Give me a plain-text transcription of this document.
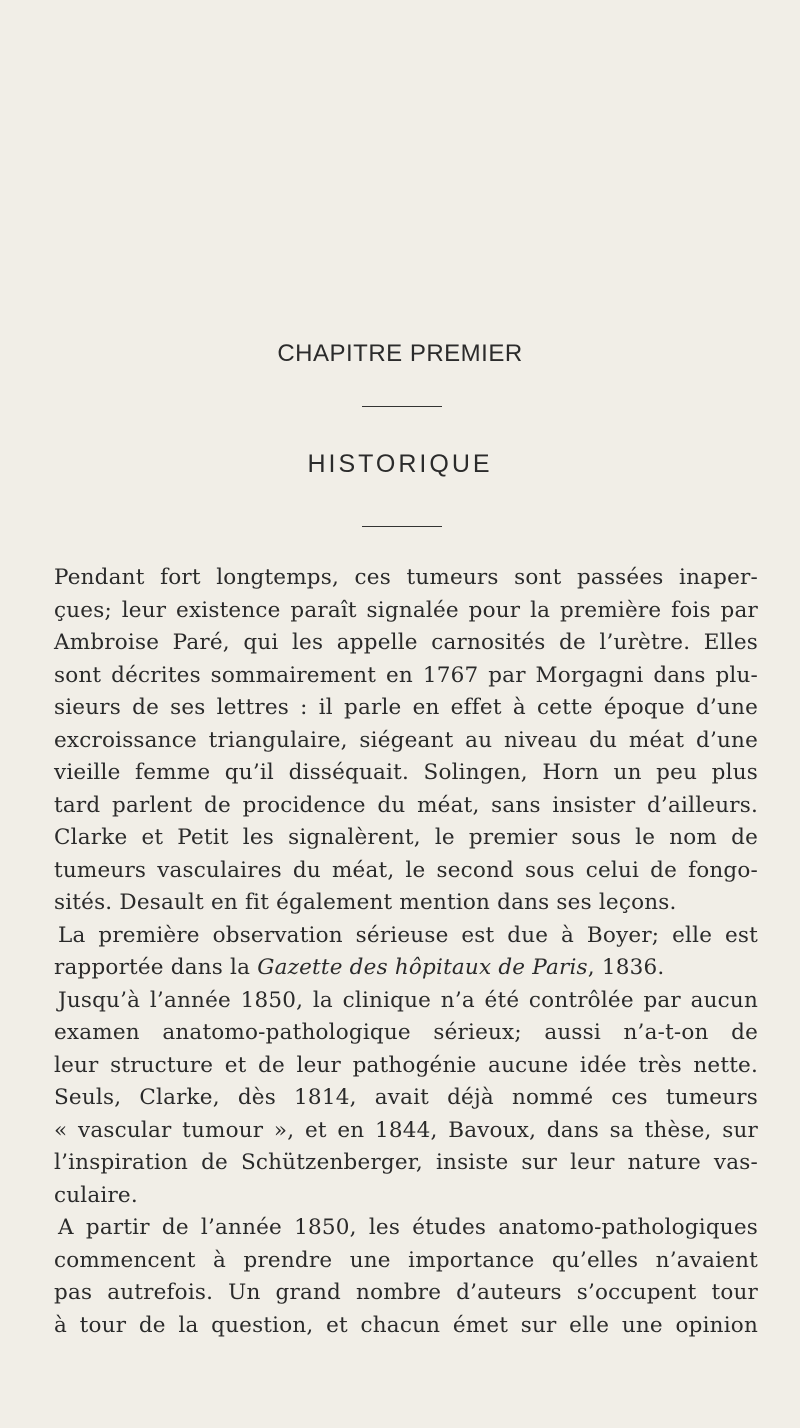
CHAPITRE PREMIER
HISTORIQUE
Pendant fort longtemps, ces tumeurs sont passées inaper-
çues; leur existence paraît signalée pour la première fois par
Ambroise Paré, qui les appelle carnosités de l’urètre. Elles
sont décrites sommairement en 1767 par Morgagni dans plu-
sieurs de ses lettres : il parle en effet à cette époque d’une
excroissance triangulaire, siégeant au niveau du méat d’une
vieille femme qu’il disséquait. Solingen, Horn un peu plus
tard parlent de procidence du méat, sans insister d’ailleurs.
Clarke et Petit les signalèrent, le premier sous le nom de
tumeurs vasculaires du méat, le second sous celui de fongo-
sités. Desault en fit également mention dans ses leçons.
La première observation sérieuse est due à Boyer; elle est
rapportée dans la Gazette des hôpitaux de Paris, 1836.
Jusqu’à l’année 1850, la clinique n’a été contrôlée par aucun
examen anatomo-pathologique sérieux; aussi n’a-t-on de
leur structure et de leur pathogénie aucune idée très nette.
Seuls, Clarke, dès 1814, avait déjà nommé ces tumeurs
« vascular tumour », et en 1844, Bavoux, dans sa thèse, sur
l’inspiration de Schützenberger, insiste sur leur nature vas-
culaire.
A partir de l’année 1850, les études anatomo-pathologiques
commencent à prendre une importance qu’elles n’avaient
pas autrefois. Un grand nombre d’auteurs s’occupent tour
à tour de la question, et chacun émet sur elle une opinion
